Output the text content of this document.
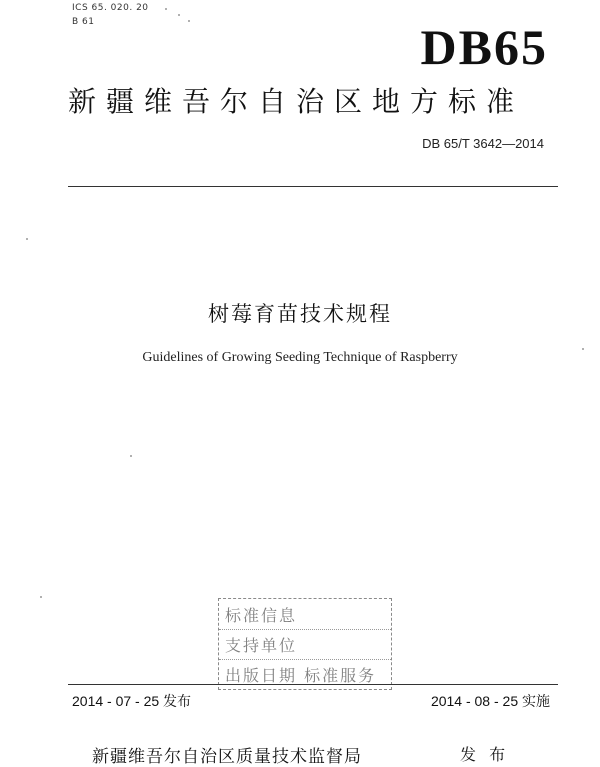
ICS 65. 020. 20
B 61	DB65
新疆维吾尔自治区地方标准
DB 65/T 3642—2014
树莓育苗技术规程
Guidelines of Growing Seeding Technique of Raspberry
标准信息
支持单位
出版日期 标准服务
2014 - 07 - 25 发布	2014 - 08 - 25 实施
新疆维吾尔自治区质量技术监督局	发 布
